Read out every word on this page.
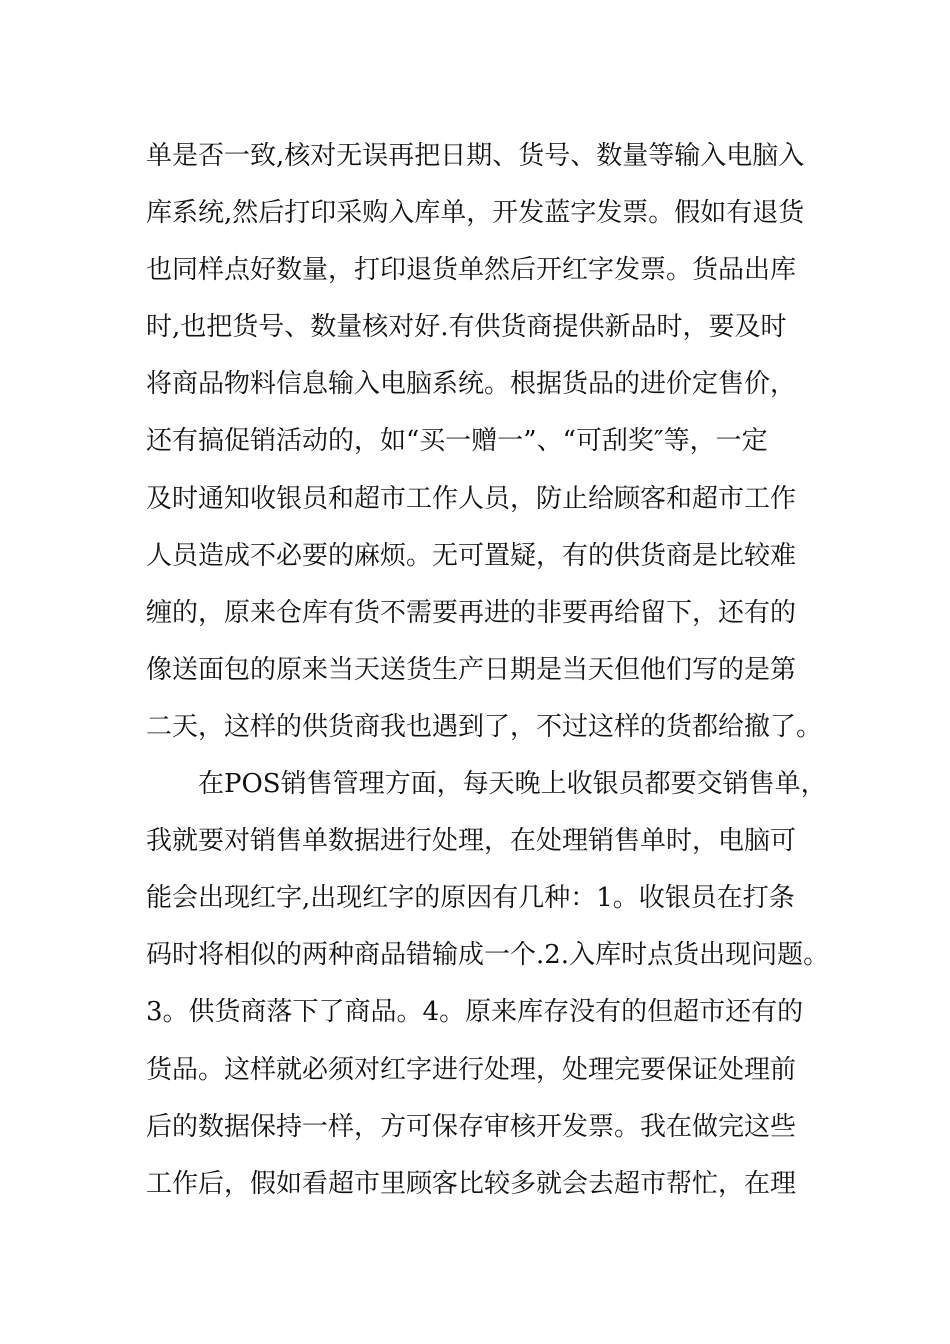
单是否一致,核对无误再把日期、货号、数量等输入电脑入
库系统,然后打印采购入库单，开发蓝字发票。假如有退货
也同样点好数量，打印退货单然后开红字发票。货品出库
时,也把货号、数量核对好.有供货商提供新品时，要及时
将商品物料信息输入电脑系统。根据货品的进价定售价，
还有搞促销活动的，如“买一赠一”、“可刮奖″等，一定
及时通知收银员和超市工作人员，防止给顾客和超市工作
人员造成不必要的麻烦。无可置疑，有的供货商是比较难
缠的，原来仓库有货不需要再进的非要再给留下，还有的
像送面包的原来当天送货生产日期是当天但他们写的是第
二天，这样的供货商我也遇到了，不过这样的货都给撤了。
在POS销售管理方面，每天晚上收银员都要交销售单，
我就要对销售单数据进行处理，在处理销售单时，电脑可
能会出现红字,出现红字的原因有几种：1。收银员在打条
码时将相似的两种商品错输成一个.2.入库时点货出现问题。
3。供货商落下了商品。4。原来库存没有的但超市还有的
货品。这样就必须对红字进行处理，处理完要保证处理前
后的数据保持一样，方可保存审核开发票。我在做完这些
工作后，假如看超市里顾客比较多就会去超市帮忙，在理
